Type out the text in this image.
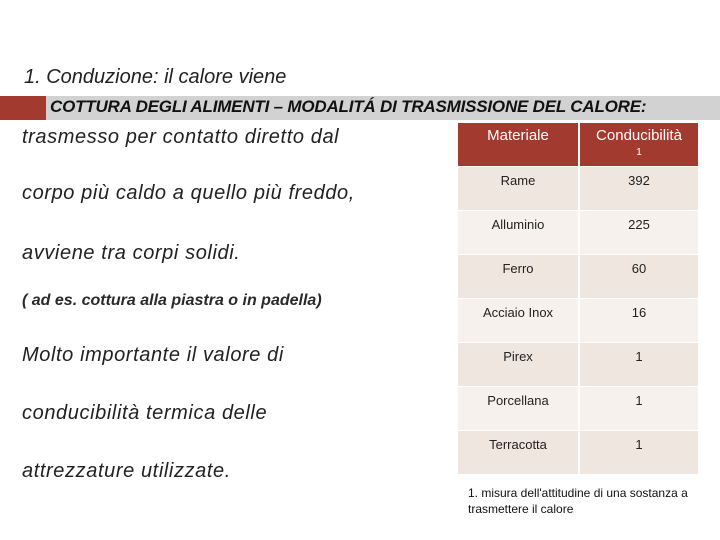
1. Conduzione: il calore viene
COTTURA DEGLI ALIMENTI – MODALITÁ DI TRASMISSIONE DEL CALORE:
trasmesso per contatto diretto dal
corpo più caldo a quello più freddo,
avviene tra corpi solidi.
( ad es. cottura alla piastra o in padella)
Molto importante il valore di
conducibilità termica delle
attrezzature utilizzate.
Materiale	Conducibilità
1
Rame	392
Alluminio	225
Ferro	60
Acciaio Inox	16
Pirex	1
Porcellana	1
Terracotta	1
1. misura dell'attitudine di una sostanza a trasmettere il calore
